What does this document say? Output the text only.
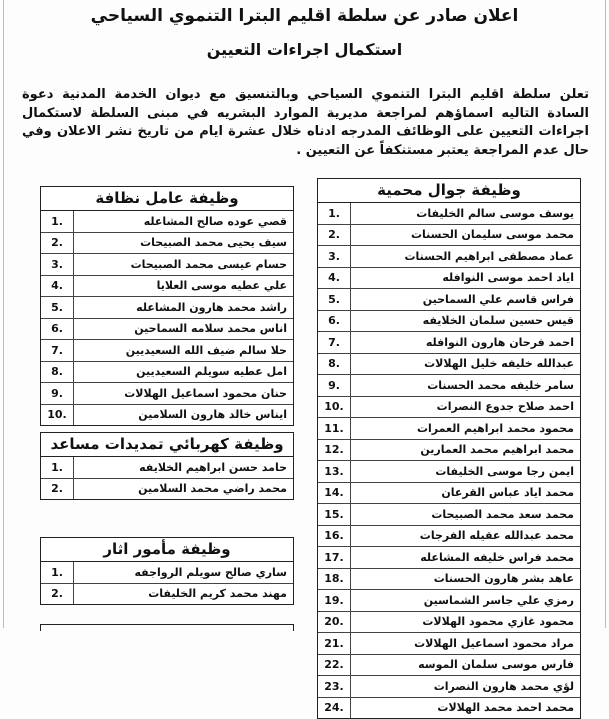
اعلان صادر عن سلطة اقليم البترا التنموي السياحي
استكمال اجراءات التعيين
تعلن سلطة اقليم البترا التنموي السياحي وبالتنسيق مع ديوان الخدمة المدنية دعوة السادة التاليه اسماؤهم لمراجعة مديرية الموارد البشريه في مبنى السلطة لاستكمال اجراءات التعيين على الوظائف المدرجه ادناه خلال عشرة ايام من تاريخ نشر الاعلان وفي حال عدم المراجعة يعتبر مستنكفاً عن التعيين .
وظيفة جوال محمية
يوسف موسى سالم الخليفات
1.
محمد موسى سليمان الحسنات
2.
عماد مصطفى ابراهيم الحسنات
3.
اياد احمد موسى النوافله
4.
فراس قاسم علي السماحين
5.
قيس حسين سلمان الخلايفه
6.
احمد فرحان هارون النوافله
7.
عبدالله خليفه خليل الهلالات
8.
سامر خليفه محمد الحسنات
9.
احمد صلاح جدوع النصرات
10.
محمود محمد ابراهيم العمرات
11.
محمد ابراهيم محمد العمارين
12.
ايمن رجا موسى الخليفات
13.
محمد اياد عباس القرعان
14.
محمد سعد محمد الصبيحات
15.
محمد عبدالله عقيله الفرجات
16.
محمد فراس خليفه المشاعله
17.
عاهد بشر هارون الحسنات
18.
رمزي علي جاسر الشماسين
19.
محمود غازي محمود الهلالات
20.
مراد محمود اسماعيل الهلالات
21.
فارس موسى سلمان الموسه
22.
لؤي محمد هارون النصرات
23.
محمد احمد محمد الهلالات
24.
وظيفة عامل نظافة
قصي عوده صالح المشاعله
1.
سيف يحيى محمد الصبيحات
2.
حسام عيسى محمد الصبيحات
3.
علي عطيه موسى العلايا
4.
راشد محمد هارون المشاعله
5.
اناس محمد سلامه السماحين
6.
حلا سالم ضيف الله السعيديين
7.
امل عطيه سويلم السعيديين
8.
حنان محمود اسماعيل الهلالات
9.
ايناس خالد هارون السلامين
10.
وظيفة كهربائي تمديدات مساعد
حامد حسن ابراهيم الخلايفه
1.
محمد راضي محمد السلامين
2.
وظيفة مأمور اثار
ساري صالح سويلم الرواجفه
1.
مهند محمد كريم الخليفات
2.
